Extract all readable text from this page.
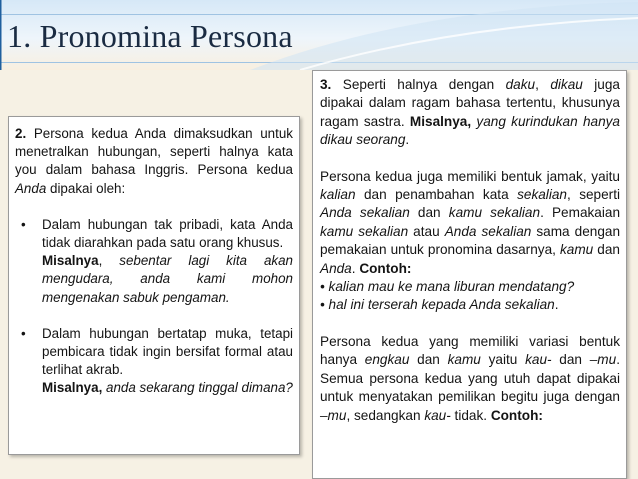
1. Pronomina Persona

2. Persona kedua Anda dimaksudkan untuk menetralkan hubungan, seperti halnya kata you dalam bahasa Inggris. Persona kedua Anda dipakai oleh:

• Dalam hubungan tak pribadi, kata Anda tidak diarahkan pada satu orang khusus.
Misalnya, sebentar lagi kita akan mengudara, anda kami mohon mengenakan sabuk pengaman.
• Dalam hubungan bertatap muka, tetapi pembicara tidak ingin bersifat formal atau terlihat akrab.
Misalnya, anda sekarang tinggal dimana?

3. Seperti halnya dengan daku, dikau juga dipakai dalam ragam bahasa tertentu, khusunya ragam sastra. Misalnya, yang kurindukan hanya dikau seorang.

Persona kedua juga memiliki bentuk jamak, yaitu kalian dan penambahan kata sekalian, seperti Anda sekalian dan kamu sekalian. Pemakaian kamu sekalian atau Anda sekalian sama dengan pemakaian untuk pronomina dasarnya, kamu dan Anda. Contoh:

• kalian mau ke mana liburan mendatang?

• hal ini terserah kepada Anda sekalian.

Persona kedua yang memiliki variasi bentuk hanya engkau dan kamu yaitu kau- dan –mu. Semua persona kedua yang utuh dapat dipakai untuk menyatakan pemilikan begitu juga dengan –mu, sedangkan kau- tidak. Contoh:
